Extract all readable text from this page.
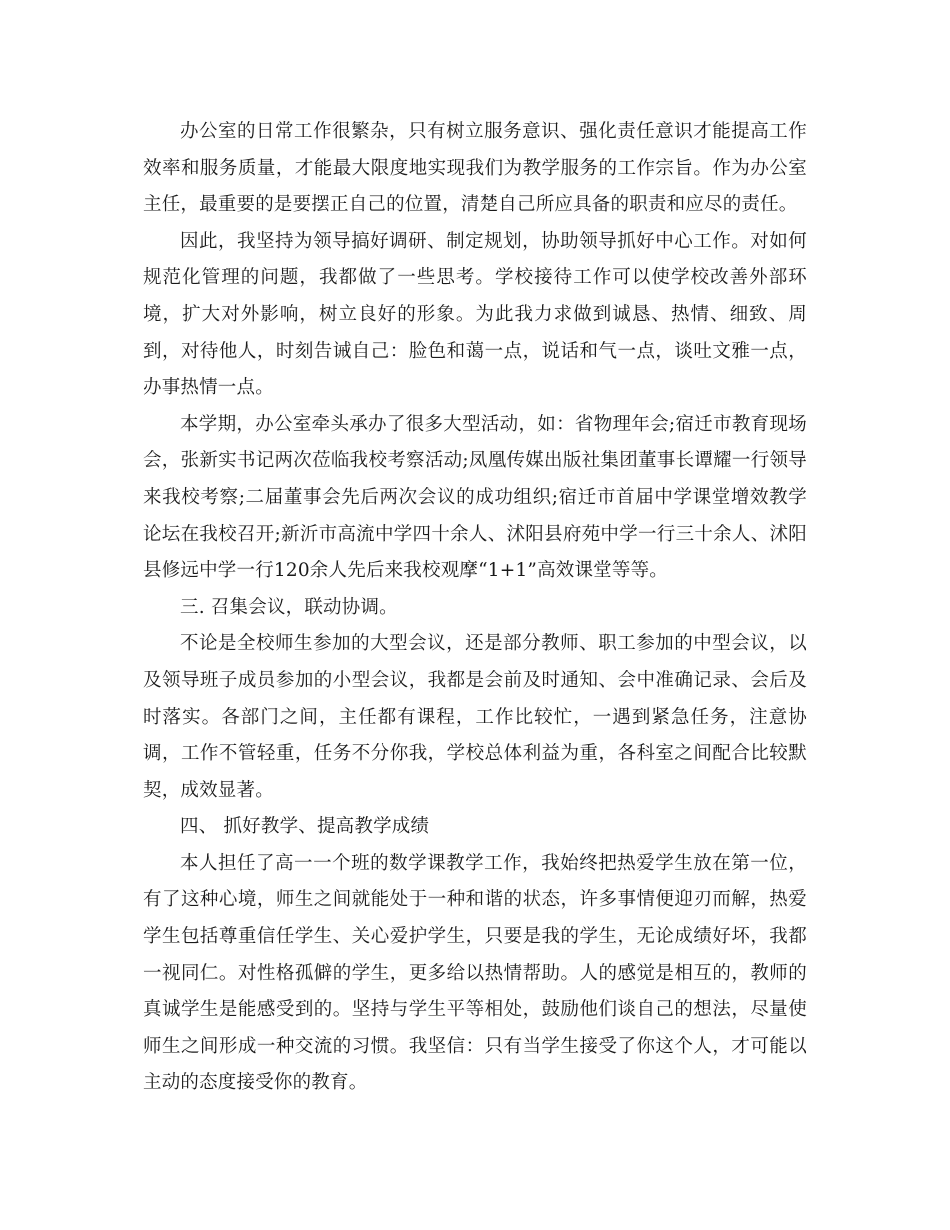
办公室的日常工作很繁杂，只有树立服务意识、强化责任意识才能提高工作效率和服务质量，才能最大限度地实现我们为教学服务的工作宗旨。作为办公室主任，最重要的是要摆正自己的位置，清楚自己所应具备的职责和应尽的责任。

因此，我坚持为领导搞好调研、制定规划，协助领导抓好中心工作。对如何规范化管理的问题，我都做了一些思考。学校接待工作可以使学校改善外部环境，扩大对外影响，树立良好的形象。为此我力求做到诚恳、热情、细致、周到，对待他人，时刻告诫自己：脸色和蔼一点，说话和气一点，谈吐文雅一点，办事热情一点。

本学期，办公室牵头承办了很多大型活动，如：省物理年会;宿迁市教育现场会，张新实书记两次莅临我校考察活动;凤凰传媒出版社集团董事长谭耀一行领导来我校考察;二届董事会先后两次会议的成功组织;宿迁市首届中学课堂增效教学论坛在我校召开;新沂市高流中学四十余人、沭阳县府苑中学一行三十余人、沭阳县修远中学一行120余人先后来我校观摩“1+1”高效课堂等等。

三. 召集会议，联动协调。

不论是全校师生参加的大型会议，还是部分教师、职工参加的中型会议，以及领导班子成员参加的小型会议，我都是会前及时通知、会中准确记录、会后及时落实。各部门之间，主任都有课程，工作比较忙，一遇到紧急任务，注意协调，工作不管轻重，任务不分你我，学校总体利益为重，各科室之间配合比较默契，成效显著。

四、 抓好教学、提高教学成绩

本人担任了高一一个班的数学课教学工作，我始终把热爱学生放在第一位，有了这种心境，师生之间就能处于一种和谐的状态，许多事情便迎刃而解，热爱学生包括尊重信任学生、关心爱护学生，只要是我的学生，无论成绩好坏，我都一视同仁。对性格孤僻的学生，更多给以热情帮助。人的感觉是相互的，教师的真诚学生是能感受到的。坚持与学生平等相处，鼓励他们谈自己的想法，尽量使师生之间形成一种交流的习惯。我坚信：只有当学生接受了你这个人，才可能以主动的态度接受你的教育。
